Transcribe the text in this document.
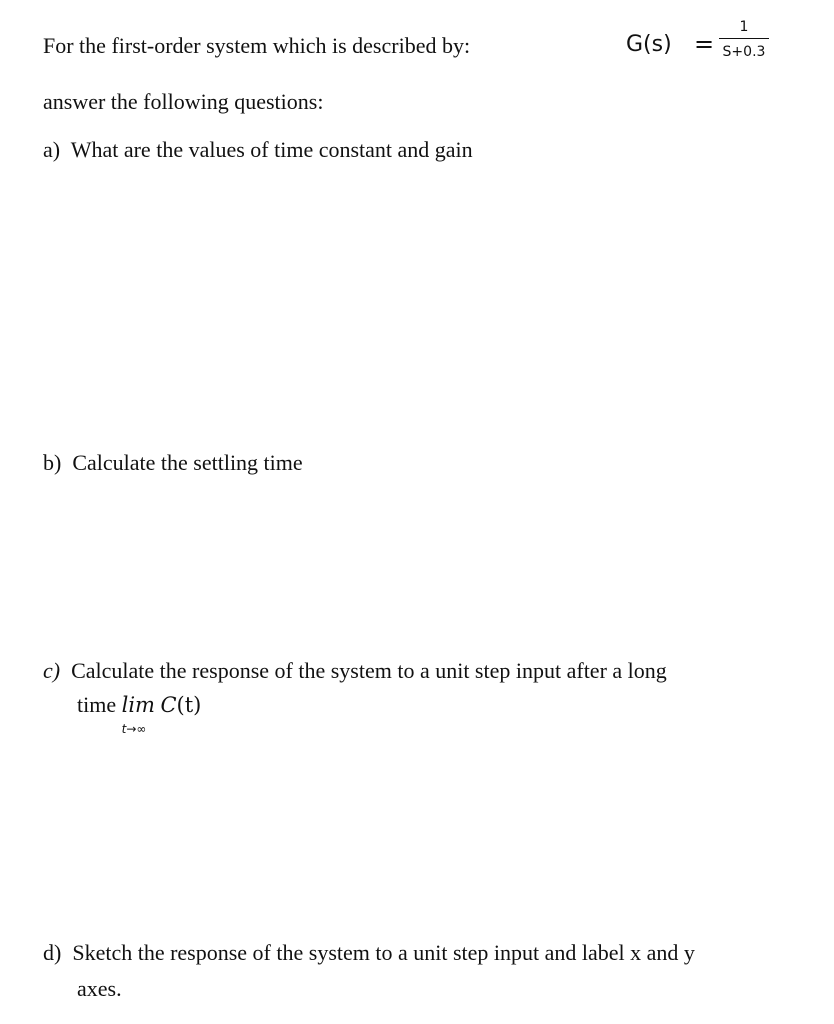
For the first-order system which is described by:	G(s) =
1
S+0.3
answer the following questions:
a) What are the values of time constant and gain
b) Calculate the settling time
c) Calculate the response of the system to a unit step input after a long
time lim
t→∞
C(t)
d) Sketch the response of the system to a unit step input and label x and y
axes.
